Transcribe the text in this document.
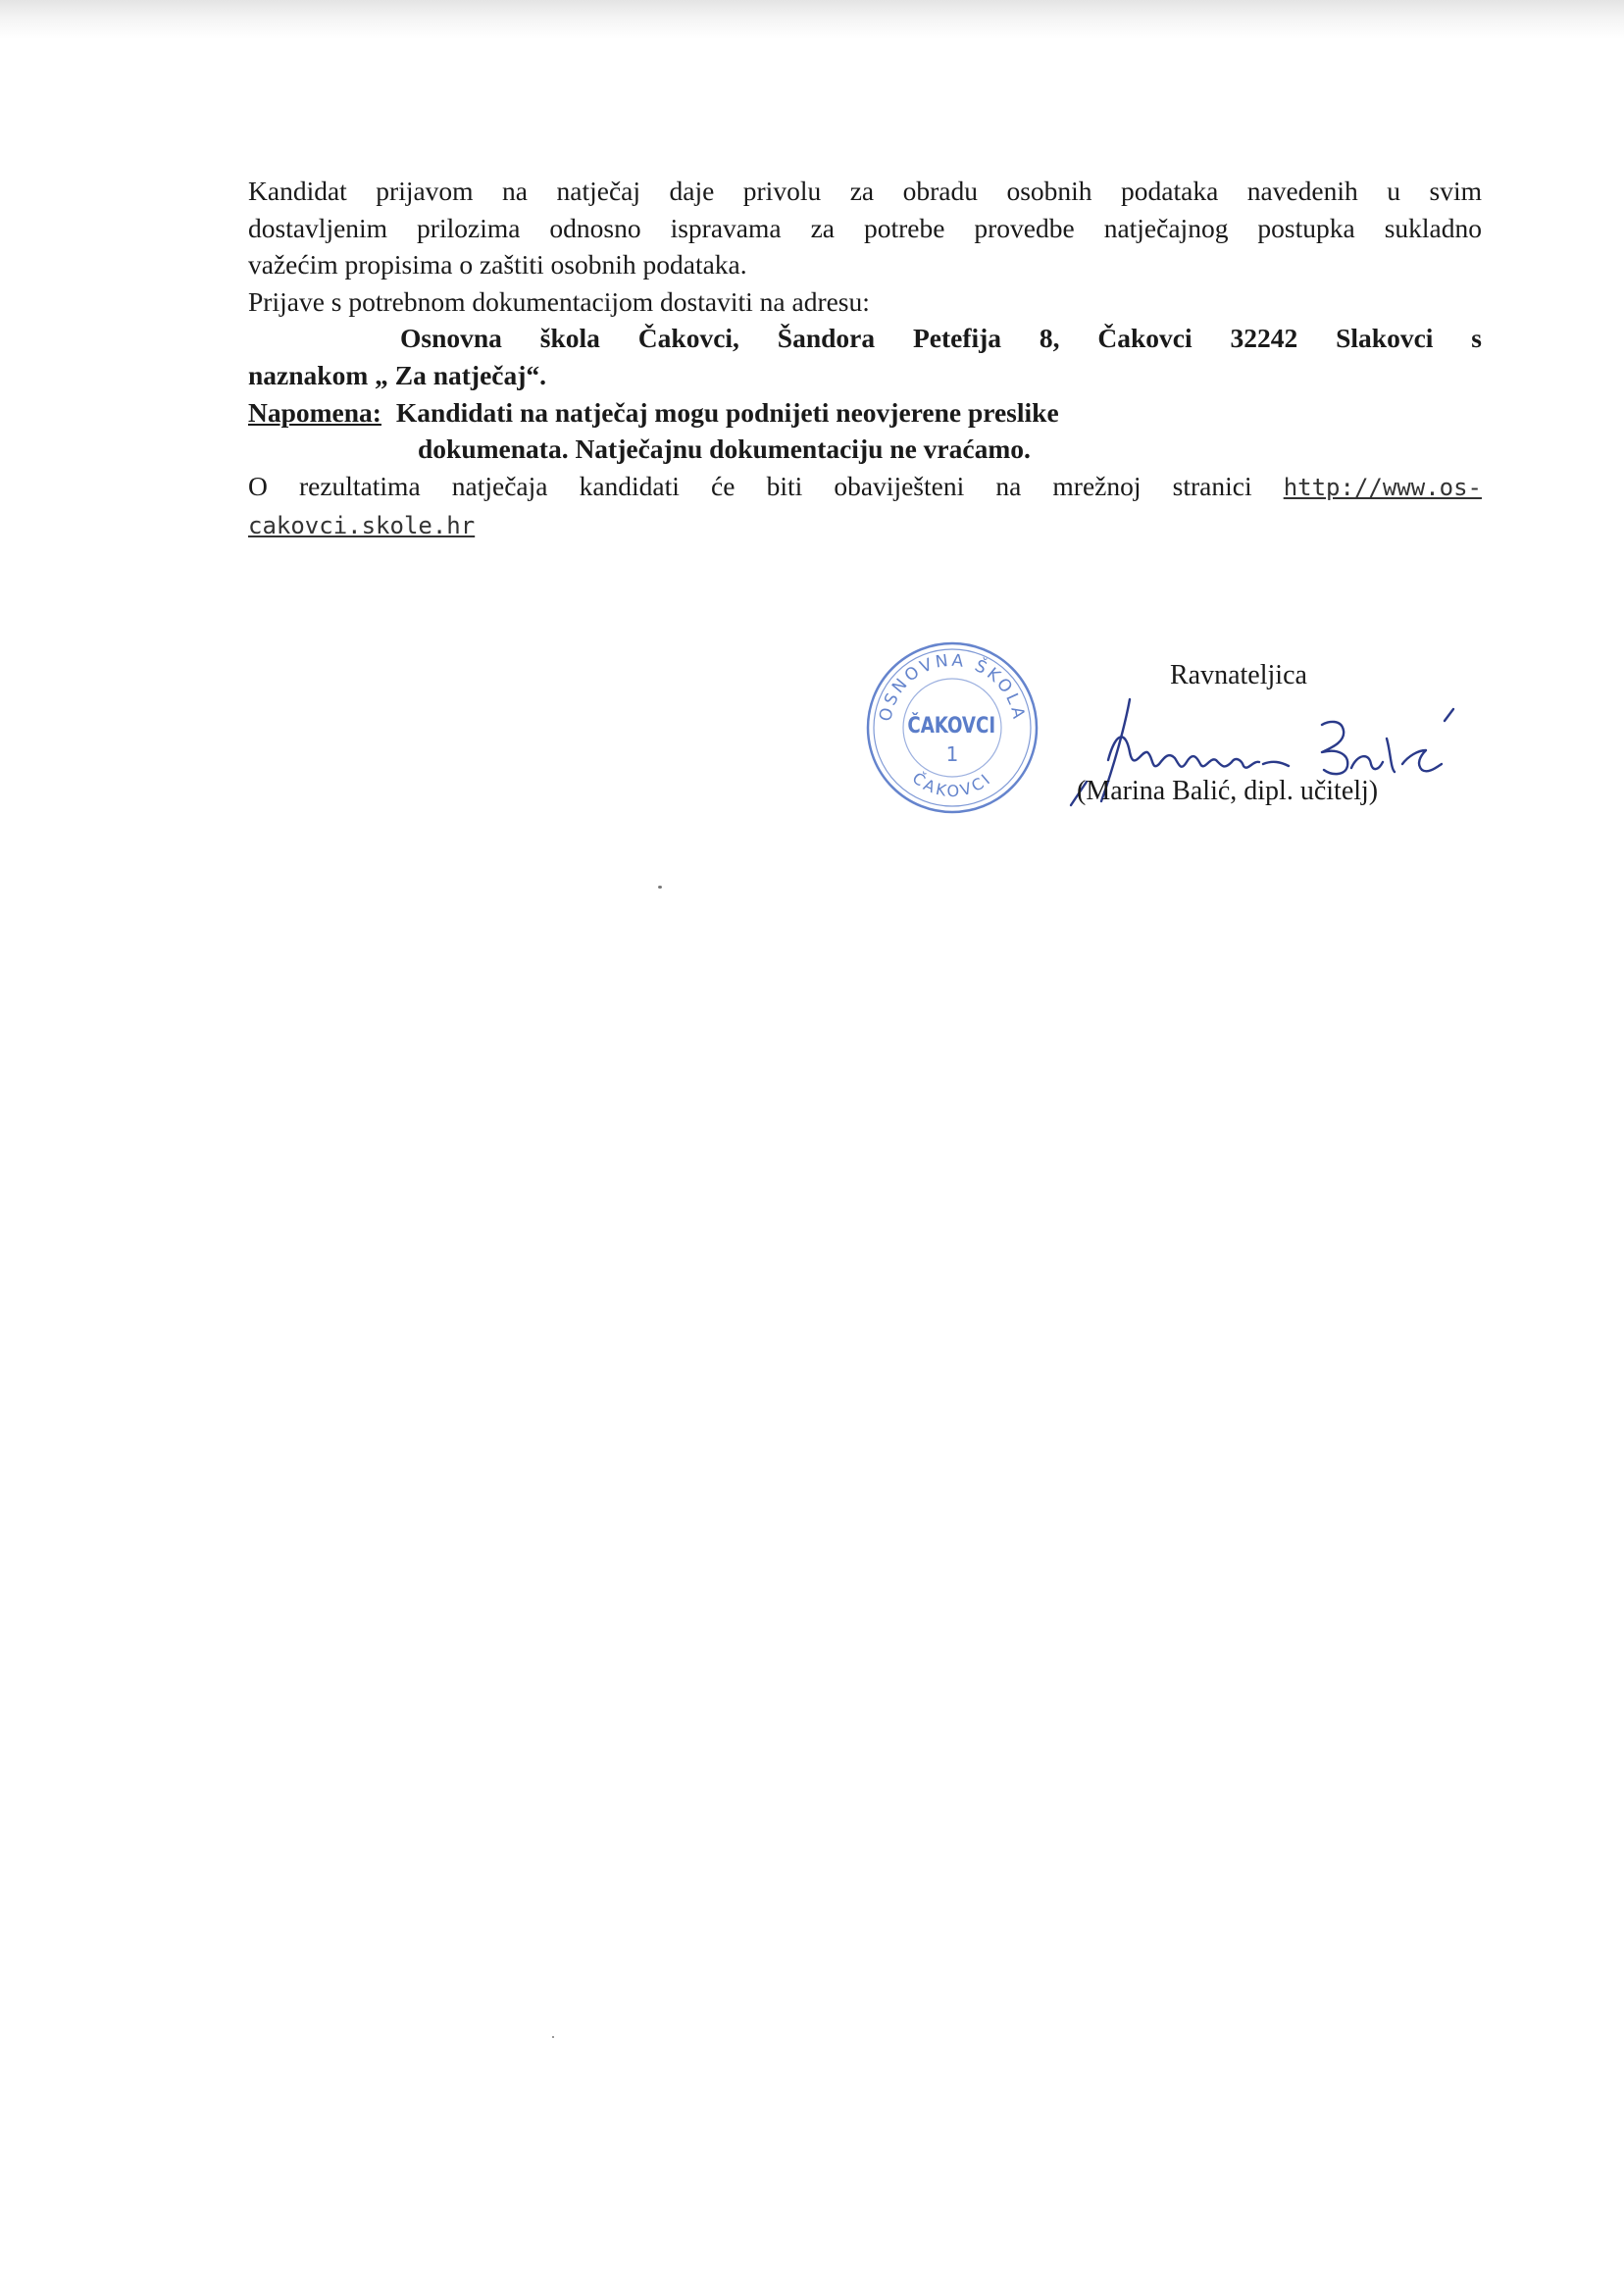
Kandidat prijavom na natječaj daje privolu za obradu osobnih podataka navedenih u svim
dostavljenim prilozima odnosno ispravama za potrebe provedbe natječajnog postupka sukladno
važećim propisima o zaštiti osobnih podataka.

Prijave s potrebnom dokumentacijom dostaviti na adresu:
Osnovna škola Čakovci, Šandora Petefija 8, Čakovci 32242 Slakovci s
naznakom „ Za natječaj“.
Napomena: Kandidati na natječaj mogu podnijeti neovjerene preslike
dokumenata. Natječajnu dokumentaciju ne vraćamo.
O rezultatima natječaja kandidati će biti obaviješteni na mrežnoj stranici http://www.os-
cakovci.skole.hr
OSNOVNA ŠKOLA
ČAKOVCI
ČAKOVCI
1
Ravnateljica
(Marina Balić, dipl. učitelj)
